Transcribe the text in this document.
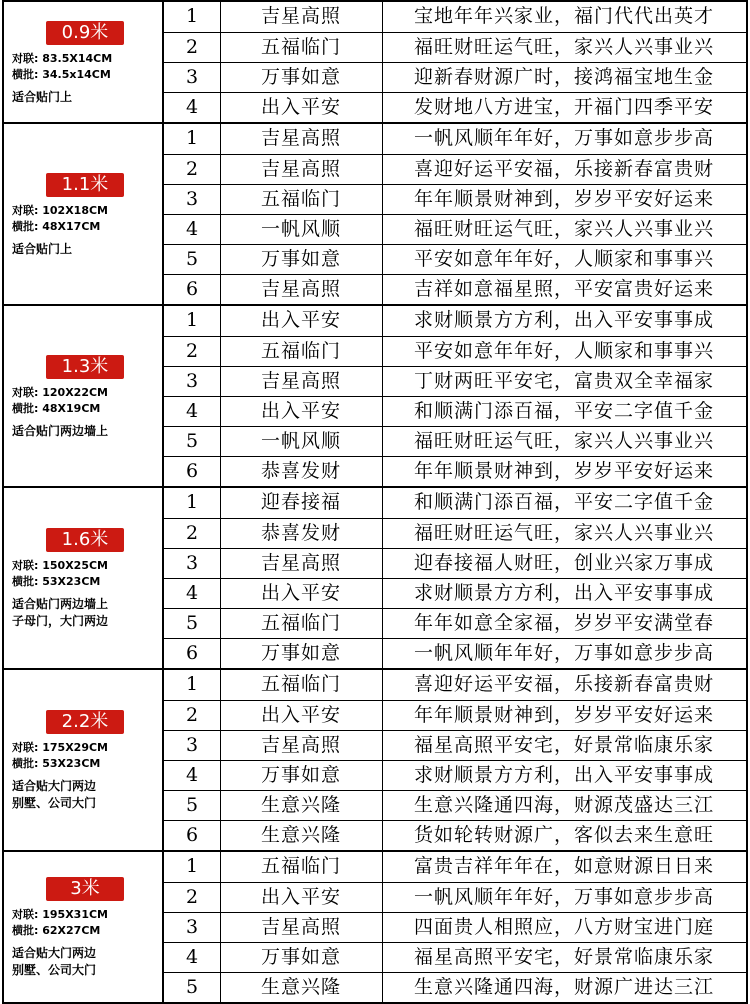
0.9米
对联: 83.5X14CM
横批: 34.5x14CM
适合贴门上
1	吉星高照	宝地年年兴家业，福门代代出英才
2	五福临门	福旺财旺运气旺，家兴人兴事业兴
3	万事如意	迎新春财源广时，接鸿福宝地生金
4	出入平安	发财地八方进宝，开福门四季平安
1.1米
对联: 102X18CM
横批: 48X17CM
适合贴门上
1	吉星高照	一帆风顺年年好，万事如意步步高
2	吉星高照	喜迎好运平安福，乐接新春富贵财
3	五福临门	年年顺景财神到，岁岁平安好运来
4	一帆风顺	福旺财旺运气旺，家兴人兴事业兴
5	万事如意	平安如意年年好，人顺家和事事兴
6	吉星高照	吉祥如意福星照，平安富贵好运来
1.3米
对联: 120X22CM
横批: 48X19CM
适合贴门两边墙上
1	出入平安	求财顺景方方利，出入平安事事成
2	五福临门	平安如意年年好，人顺家和事事兴
3	吉星高照	丁财两旺平安宅，富贵双全幸福家
4	出入平安	和顺满门添百福，平安二字值千金
5	一帆风顺	福旺财旺运气旺，家兴人兴事业兴
6	恭喜发财	年年顺景财神到，岁岁平安好运来
1.6米
对联: 150X25CM
横批: 53X23CM
适合贴门两边墙上
子母门，大门两边
1	迎春接福	和顺满门添百福，平安二字值千金
2	恭喜发财	福旺财旺运气旺，家兴人兴事业兴
3	吉星高照	迎春接福人财旺，创业兴家万事成
4	出入平安	求财顺景方方利，出入平安事事成
5	五福临门	年年如意全家福，岁岁平安满堂春
6	万事如意	一帆风顺年年好，万事如意步步高
2.2米
对联: 175X29CM
横批: 53X23CM
适合贴大门两边
别墅、公司大门
1	五福临门	喜迎好运平安福，乐接新春富贵财
2	出入平安	年年顺景财神到，岁岁平安好运来
3	吉星高照	福星高照平安宅，好景常临康乐家
4	万事如意	求财顺景方方利，出入平安事事成
5	生意兴隆	生意兴隆通四海，财源茂盛达三江
6	生意兴隆	货如轮转财源广，客似去来生意旺
3米
对联: 195X31CM
横批: 62X27CM
适合贴大门两边
别墅、公司大门
1	五福临门	富贵吉祥年年在，如意财源日日来
2	出入平安	一帆风顺年年好，万事如意步步高
3	吉星高照	四面贵人相照应，八方财宝进门庭
4	万事如意	福星高照平安宅，好景常临康乐家
5	生意兴隆	生意兴隆通四海，财源广进达三江
